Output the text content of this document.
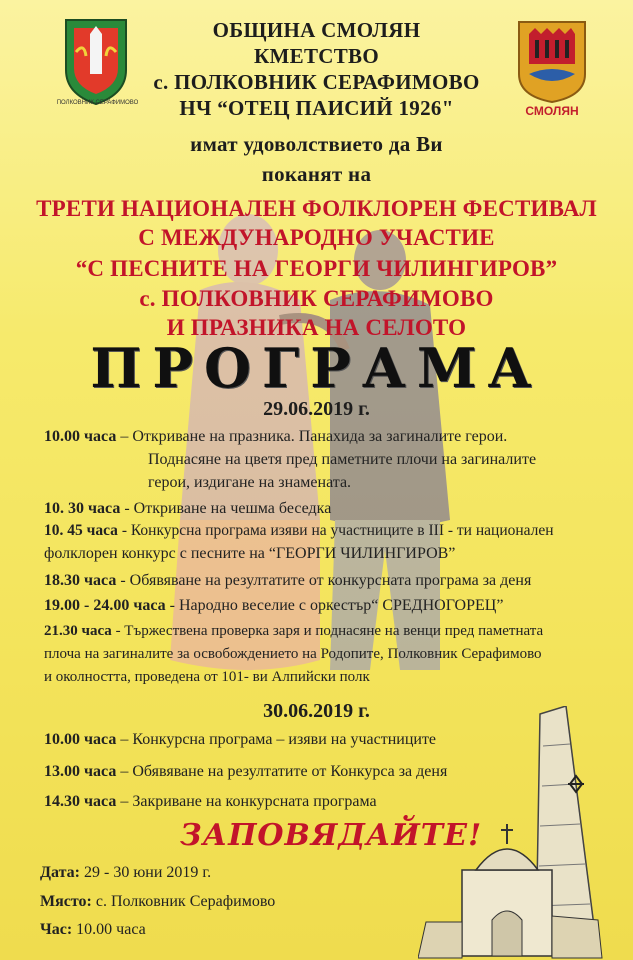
ПОЛКОВНИК СЕРАФИМОВО
СМОЛЯН
ОБЩИНА СМОЛЯН
КМЕТСТВО
с. ПОЛКОВНИК СЕРАФИМОВО
НЧ “ОТЕЦ ПАИСИЙ 1926"
имат удоволствието да Ви
поканят на
ТРЕТИ НАЦИОНАЛЕН ФОЛКЛОРЕН ФЕСТИВАЛ
С МЕЖДУНАРОДНО УЧАСТИЕ
“С ПЕСНИТЕ НА ГЕОРГИ ЧИЛИНГИРОВ”
с. ПОЛКОВНИК СЕРАФИМОВО
И ПРАЗНИКА НА СЕЛОТО
ПРОГРАМА
29.06.2019 г.
10.00 часа – Откриване на празника. Панахида за загиналите герои.
Поднасяне на цветя пред паметните плочи на загиналите
герои, издигане на знамената.
10. 30 часа - Откриване на чешма беседка
10. 45 часа - Конкурсна програма изяви на участниците в III - ти национален
фолклорен конкурс с песните на “ГЕОРГИ ЧИЛИНГИРОВ”
18.30 часа - Обявяване на резултатите от конкурсната програма за деня
19.00 - 24.00 часа - Народно веселие с оркестър“ СРЕДНОГОРЕЦ”
21.30 часа - Тържествена проверка заря и поднасяне на венци пред паметната
плоча на загиналите за освобождението на Родопите, Полковник Серафимово
и околността, проведена от 101- ви Алпийски полк
30.06.2019 г.
10.00 часа – Конкурсна програма – изяви на участниците
13.00 часа – Обявяване на резултатите от Конкурса за деня
14.30 часа – Закриване на конкурсната програма
ЗАПОВЯДАЙТЕ!
Дата: 29 - 30 юни 2019 г.
Място: с. Полковник Серафимово
Час: 10.00 часа
